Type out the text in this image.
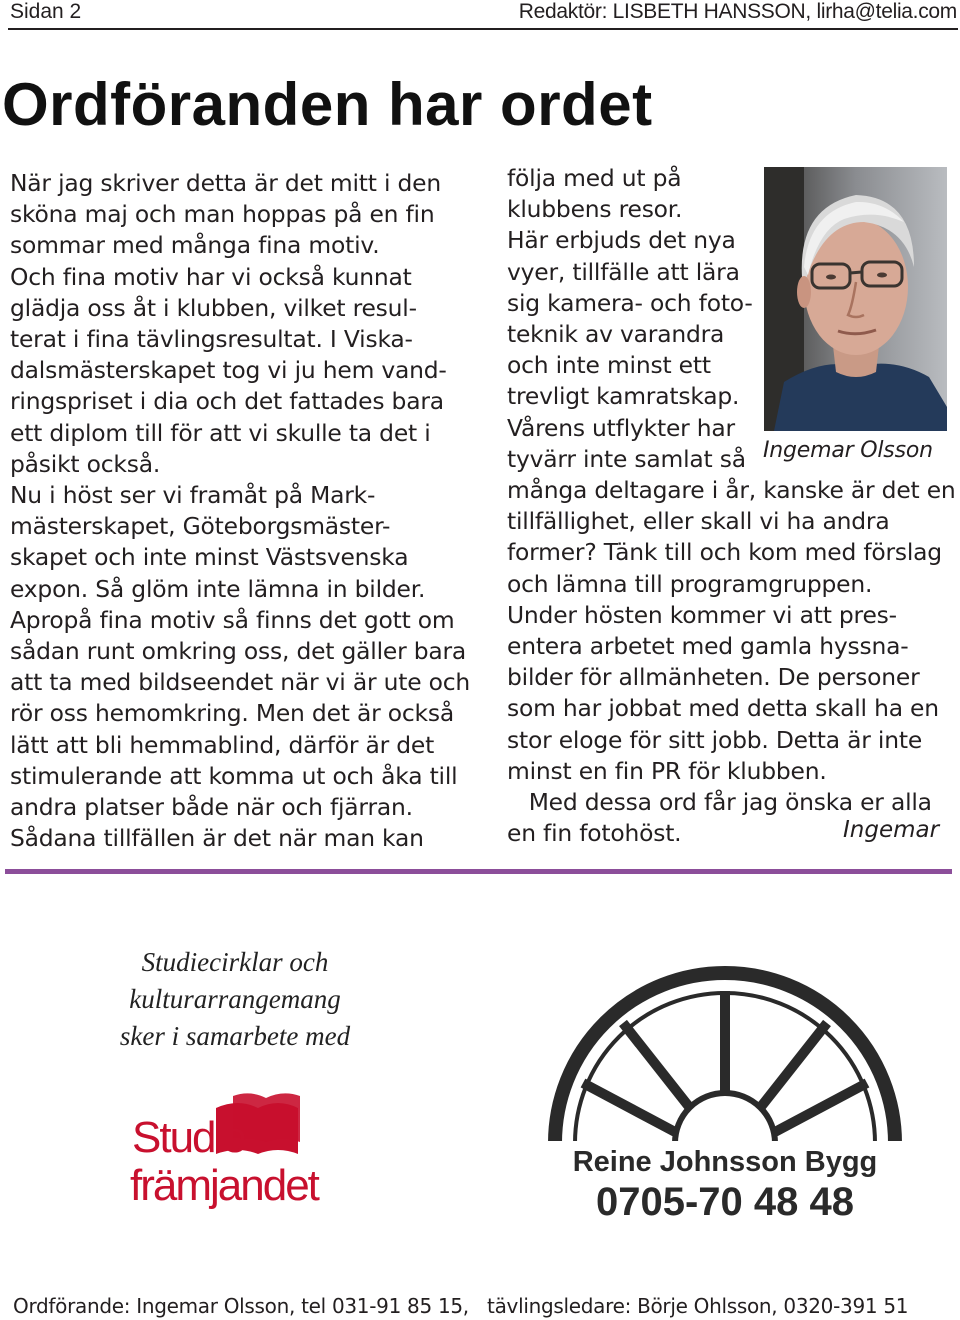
Sidan 2	Redaktör: LISBETH HANSSON, lirha@telia.com
Ordföranden har ordet
När jag skriver detta är det mitt i den
sköna maj och man hoppas på en fin
sommar med många fina motiv.
Och fina motiv har vi också kunnat
glädja oss åt i klubben, vilket resul-
terat i fina tävlingsresultat. I Viska-
dalsmästerskapet tog vi ju hem vand-
ringspriset i dia och det fattades bara
ett diplom till för att vi skulle ta det i
påsikt också.
Nu i höst ser vi framåt på Mark-
mästerskapet, Göteborgsmäster-
skapet och inte minst Västsvenska
expon. Så glöm inte lämna in bilder.
Apropå fina motiv så finns det gott om
sådan runt omkring oss, det gäller bara
att ta med bildseendet när vi är ute och
rör oss hemomkring. Men det är också
lätt att bli hemmablind, därför är det
stimulerande att komma ut och åka till
andra platser både när och fjärran.
Sådana tillfällen är det när man kan
följa med ut på
klubbens resor.
Här erbjuds det nya
vyer, tillfälle att lära
sig kamera- och foto-
teknik av varandra
och inte minst ett
trevligt kamratskap.
Vårens utflykter har
tyvärr inte samlat så
många deltagare i år, kanske är det en
tillfällighet, eller skall vi ha andra
former? Tänk till och kom med förslag
och lämna till programgruppen.
Under hösten kommer vi att pres-
entera arbetet med gamla hyssna-
bilder för allmänheten. De personer
som har jobbat med detta skall ha en
stor eloge för sitt jobb. Detta är inte
minst en fin PR för klubben.
Med dessa ord får jag önska er alla
en fin fotohöst.
Ingemar Olsson
Ingemar
Studiecirklar och
kulturarrangemang
sker i samarbete med
Studie
främjandet	Reine Johnsson Bygg
0705-70 48 48
Ordförande: Ingemar Olsson, tel 031-91 85 15,   tävlingsledare: Börje Ohlsson, 0320-391 51
